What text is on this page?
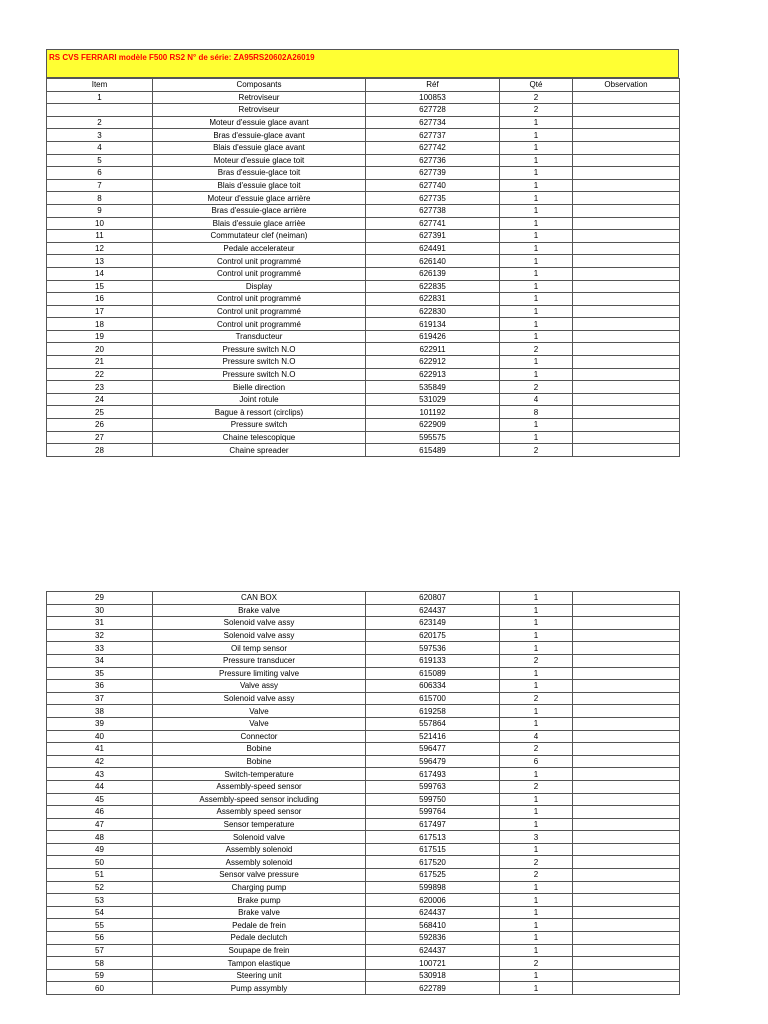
RS CVS FERRARI modèle F500 RS2 N° de série: ZA95RS20602A26019
Item	Composants	Réf	Qté	Observation
1	Retroviseur	100853	2	
	Retroviseur	627728	2	
2	Moteur d'essuie glace avant	627734	1	
3	Bras d'essuie-glace avant	627737	1	
4	Blais d'essuie glace avant	627742	1	
5	Moteur d'essuie glace toit	627736	1	
6	Bras d'essuie-glace toit	627739	1	
7	Blais d'essuie glace toit	627740	1	
8	Moteur d'essuie glace arrière	627735	1	
9	Bras d'essuie-glace arrière	627738	1	
10	Blais d'essuie glace arrièe	627741	1	
11	Commutateur clef (neiman)	627391	1	
12	Pedale accelerateur	624491	1	
13	Control unit programmé	626140	1	
14	Control unit programmé	626139	1	
15	Display	622835	1	
16	Control unit programmé	622831	1	
17	Control unit programmé	622830	1	
18	Control unit programmé	619134	1	
19	Transducteur	619426	1	
20	Pressure switch N.O	622911	2	
21	Pressure switch N.O	622912	1	
22	Pressure switch N.O	622913	1	
23	Bielle direction	535849	2	
24	Joint rotule	531029	4	
25	Bague à ressort (circlips)	101192	8	
26	Pressure switch	622909	1	
27	Chaine telescopique	595575	1	
28	Chaine spreader	615489	2	
29	CAN BOX	620807	1	
30	Brake valve	624437	1	
31	Solenoid valve assy	623149	1	
32	Solenoid valve assy	620175	1	
33	Oil temp sensor	597536	1	
34	Pressure transducer	619133	2	
35	Pressure limiting valve	615089	1	
36	Valve assy	606334	1	
37	Solenoid valve assy	615700	2	
38	Valve	619258	1	
39	Valve	557864	1	
40	Connector	521416	4	
41	Bobine	596477	2	
42	Bobine	596479	6	
43	Switch-temperature	617493	1	
44	Assembly-speed sensor	599763	2	
45	Assembly-speed sensor including	599750	1	
46	Assembly speed sensor	599764	1	
47	Sensor temperature	617497	1	
48	Solenoid valve	617513	3	
49	Assembly solenoid	617515	1	
50	Assembly solenoid	617520	2	
51	Sensor valve pressure	617525	2	
52	Charging pump	599898	1	
53	Brake pump	620006	1	
54	Brake valve	624437	1	
55	Pedale de frein	568410	1	
56	Pedale declutch	592836	1	
57	Soupape de frein	624437	1	
58	Tampon elastique	100721	2	
59	Steering unit	530918	1	
60	Pump assymbly	622789	1	
